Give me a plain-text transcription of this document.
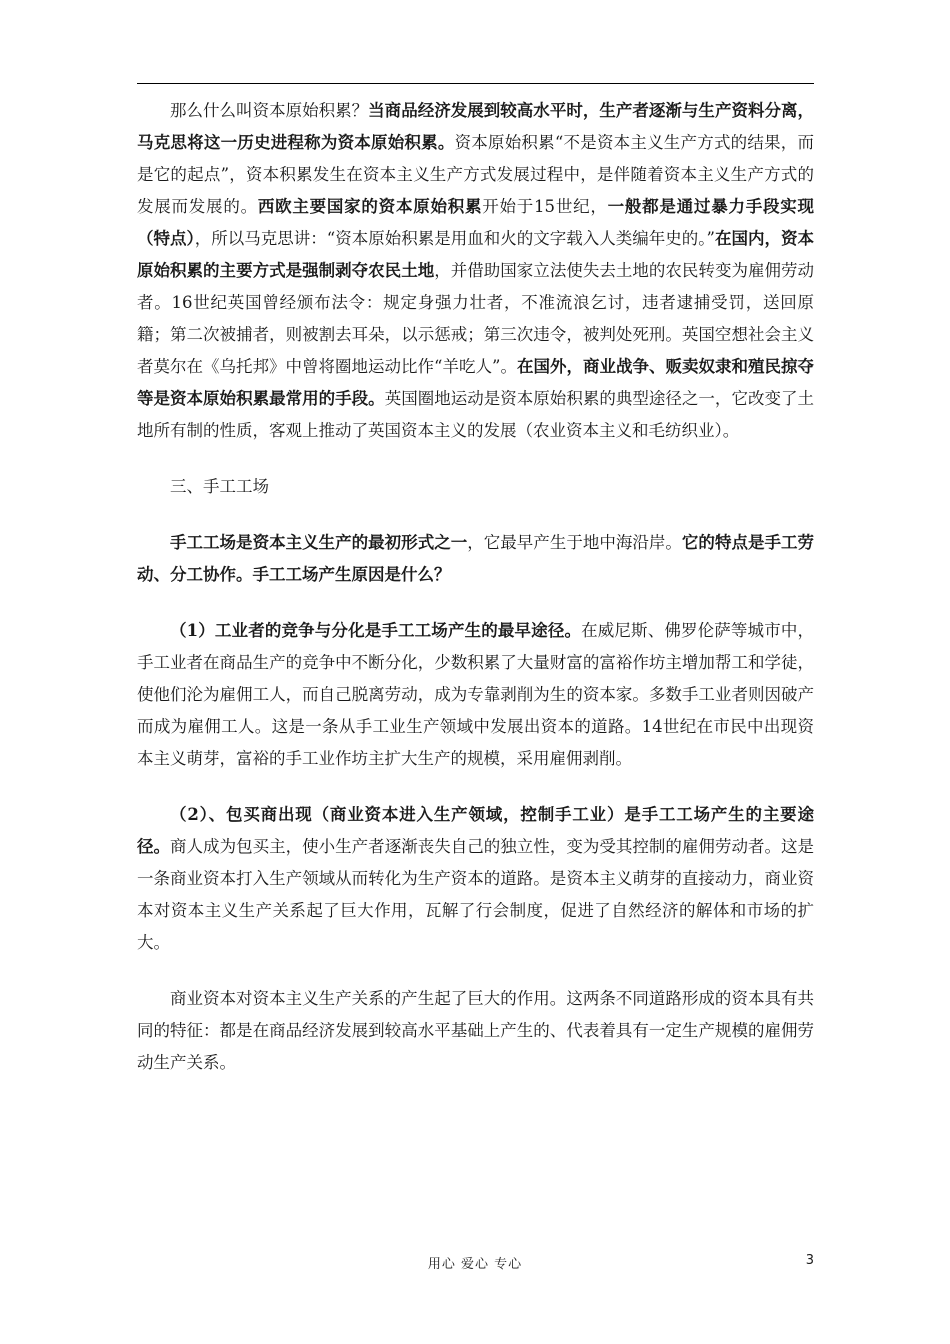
那么什么叫资本原始积累？当商品经济发展到较高水平时，生产者逐渐与生产资料分离，马克思将这一历史进程称为资本原始积累。资本原始积累“不是资本主义生产方式的结果，而是它的起点”，资本积累发生在资本主义生产方式发展过程中，是伴随着资本主义生产方式的发展而发展的。西欧主要国家的资本原始积累开始于15世纪，一般都是通过暴力手段实现（特点），所以马克思讲：“资本原始积累是用血和火的文字载入人类编年史的。”在国内，资本原始积累的主要方式是强制剥夺农民土地，并借助国家立法使失去土地的农民转变为雇佣劳动者。16世纪英国曾经颁布法令：规定身强力壮者，不准流浪乞讨，违者逮捕受罚，送回原籍；第二次被捕者，则被割去耳朵，以示惩戒；第三次违令，被判处死刑。英国空想社会主义者莫尔在《乌托邦》中曾将圈地运动比作“羊吃人”。在国外，商业战争、贩卖奴隶和殖民掠夺等是资本原始积累最常用的手段。英国圈地运动是资本原始积累的典型途径之一，它改变了土地所有制的性质，客观上推动了英国资本主义的发展（农业资本主义和毛纺织业）。

三、手工工场

手工工场是资本主义生产的最初形式之一，它最早产生于地中海沿岸。它的特点是手工劳动、分工协作。手工工场产生原因是什么？

（1）工业者的竞争与分化是手工工场产生的最早途径。在威尼斯、佛罗伦萨等城市中，手工业者在商品生产的竞争中不断分化，少数积累了大量财富的富裕作坊主增加帮工和学徒，使他们沦为雇佣工人，而自己脱离劳动，成为专靠剥削为生的资本家。多数手工业者则因破产而成为雇佣工人。这是一条从手工业生产领域中发展出资本的道路。14世纪在市民中出现资本主义萌芽，富裕的手工业作坊主扩大生产的规模，采用雇佣剥削。

（2）、包买商出现（商业资本进入生产领域，控制手工业）是手工工场产生的主要途径。商人成为包买主，使小生产者逐渐丧失自己的独立性，变为受其控制的雇佣劳动者。这是一条商业资本打入生产领域从而转化为生产资本的道路。是资本主义萌芽的直接动力，商业资本对资本主义生产关系起了巨大作用，瓦解了行会制度，促进了自然经济的解体和市场的扩大。

商业资本对资本主义生产关系的产生起了巨大的作用。这两条不同道路形成的资本具有共同的特征：都是在商品经济发展到较高水平基础上产生的、代表着具有一定生产规模的雇佣劳动生产关系。

用心 爱心 专心	3
